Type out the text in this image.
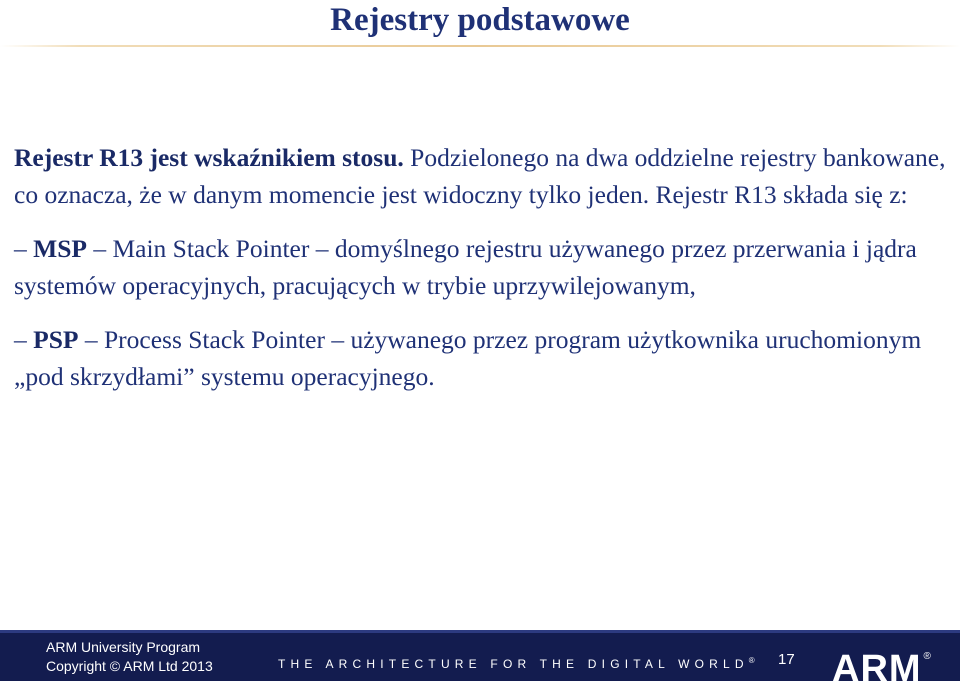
Rejestry podstawowe

Rejestr R13 jest wskaźnikiem stosu. Podzielonego na dwa oddzielne rejestry bankowane, co oznacza, że w danym momencie jest widoczny tylko jeden. Rejestr R13 składa się z:

– MSP – Main Stack Pointer – domyślnego rejestru używanego przez przerwania i jądra systemów operacyjnych, pracujących w trybie uprzywilejowanym,

– PSP – Process Stack Pointer – używanego przez program użytkownika uruchomionym „pod skrzydłami” systemu operacyjnego.

ARM University Program
Copyright © ARM Ltd 2013	THE ARCHITECTURE FOR THE DIGITAL WORLD® 17 ARM ®
